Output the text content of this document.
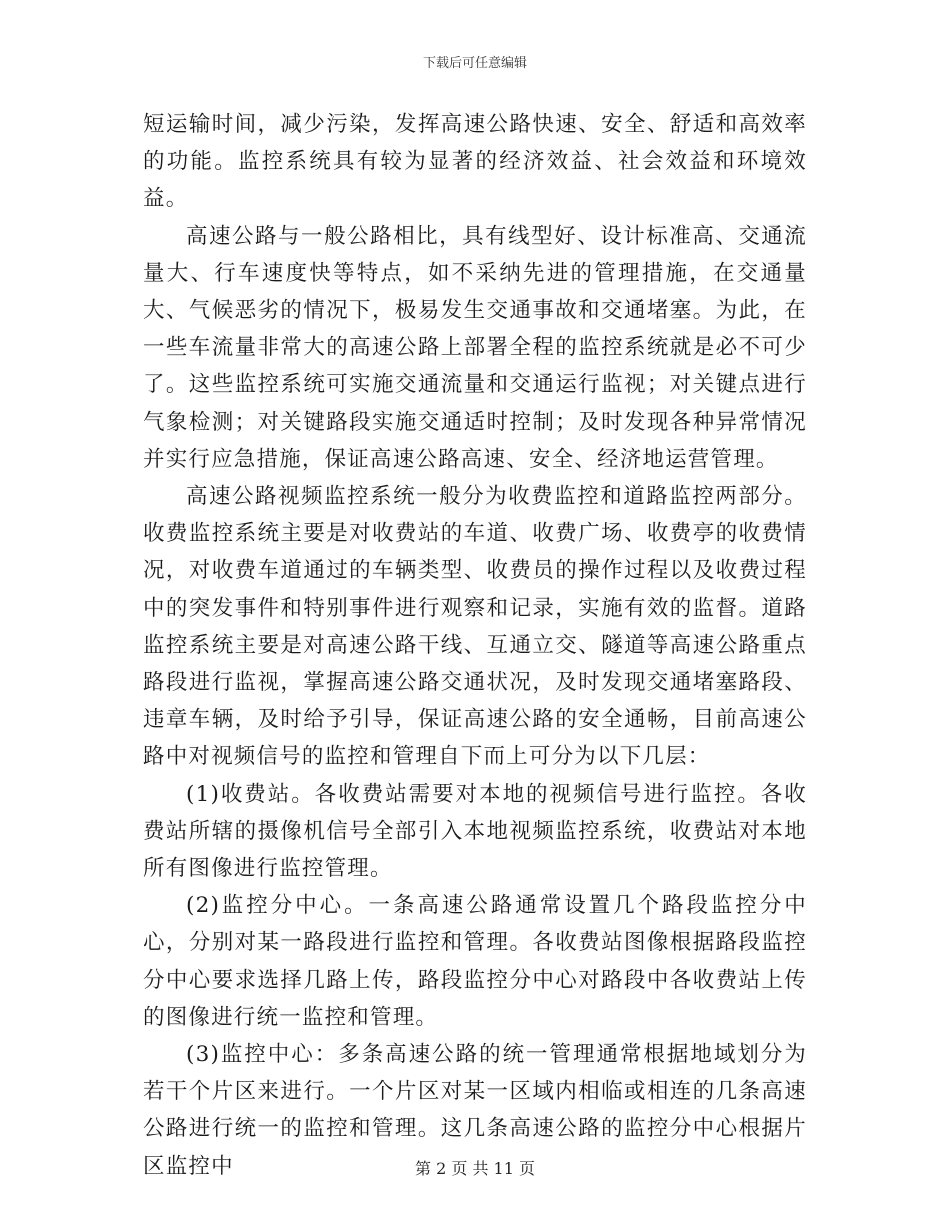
下载后可任意编辑

短运输时间，减少污染，发挥高速公路快速、安全、舒适和高效率的功能。监控系统具有较为显著的经济效益、社会效益和环境效益。

高速公路与一般公路相比，具有线型好、设计标准高、交通流量大、行车速度快等特点，如不采纳先进的管理措施，在交通量大、气候恶劣的情况下，极易发生交通事故和交通堵塞。为此，在一些车流量非常大的高速公路上部署全程的监控系统就是必不可少了。这些监控系统可实施交通流量和交通运行监视；对关键点进行气象检测；对关键路段实施交通适时控制；及时发现各种异常情况并实行应急措施，保证高速公路高速、安全、经济地运营管理。

高速公路视频监控系统一般分为收费监控和道路监控两部分。收费监控系统主要是对收费站的车道、收费广场、收费亭的收费情况，对收费车道通过的车辆类型、收费员的操作过程以及收费过程中的突发事件和特别事件进行观察和记录，实施有效的监督。道路监控系统主要是对高速公路干线、互通立交、隧道等高速公路重点路段进行监视，掌握高速公路交通状况，及时发现交通堵塞路段、违章车辆，及时给予引导，保证高速公路的安全通畅，目前高速公路中对视频信号的监控和管理自下而上可分为以下几层：

(1)收费站。各收费站需要对本地的视频信号进行监控。各收费站所辖的摄像机信号全部引入本地视频监控系统，收费站对本地所有图像进行监控管理。

(2)监控分中心。一条高速公路通常设置几个路段监控分中心，分别对某一路段进行监控和管理。各收费站图像根据路段监控分中心要求选择几路上传，路段监控分中心对路段中各收费站上传的图像进行统一监控和管理。

(3)监控中心：多条高速公路的统一管理通常根据地域划分为若干个片区来进行。一个片区对某一区域内相临或相连的几条高速公路进行统一的监控和管理。这几条高速公路的监控分中心根据片区监控中	第 2 页 共 11 页
